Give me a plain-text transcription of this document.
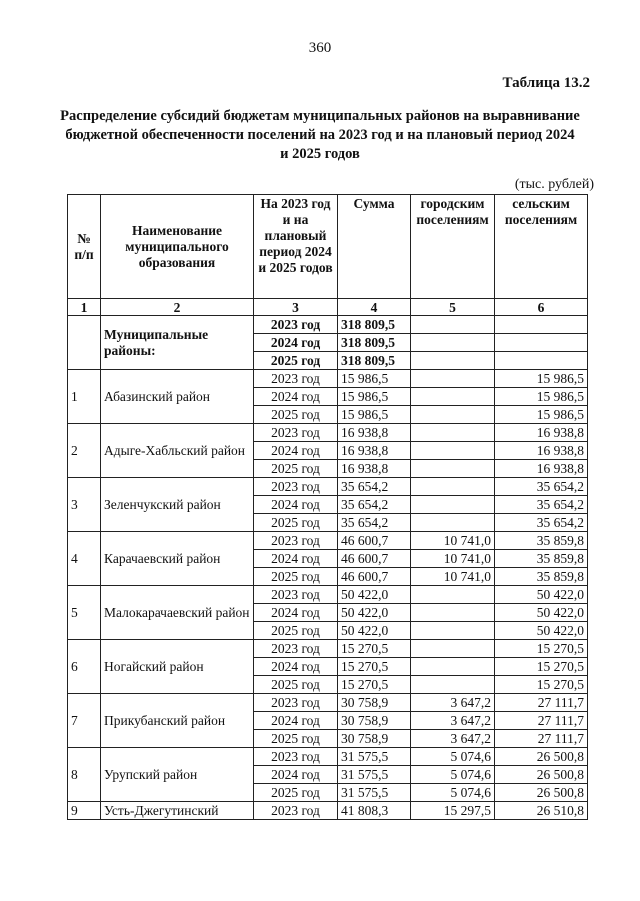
360
Таблица 13.2
Распределение субсидий бюджетам муниципальных районов на выравнивание бюджетной обеспеченности поселений на 2023 год и на плановый период 2024 и 2025 годов
(тыс. рублей)
№ п/п	Наименование муниципального образования	На 2023 год и на плановый период 2024 и 2025 годов	Сумма	городским поселениям	сельским поселениям
1	2	3	4	5	6
	Муниципальные районы:	2023 год	318 809,5		
		2024 год	318 809,5		
		2025 год	318 809,5		
1	Абазинский район	2023 год	15 986,5		15 986,5
		2024 год	15 986,5		15 986,5
		2025 год	15 986,5		15 986,5
2	Адыге-Хабльский район	2023 год	16 938,8		16 938,8
		2024 год	16 938,8		16 938,8
		2025 год	16 938,8		16 938,8
3	Зеленчукский район	2023 год	35 654,2		35 654,2
		2024 год	35 654,2		35 654,2
		2025 год	35 654,2		35 654,2
4	Карачаевский район	2023 год	46 600,7	10 741,0	35 859,8
		2024 год	46 600,7	10 741,0	35 859,8
		2025 год	46 600,7	10 741,0	35 859,8
5	Малокарачаевский район	2023 год	50 422,0		50 422,0
		2024 год	50 422,0		50 422,0
		2025 год	50 422,0		50 422,0
6	Ногайский район	2023 год	15 270,5		15 270,5
		2024 год	15 270,5		15 270,5
		2025 год	15 270,5		15 270,5
7	Прикубанский район	2023 год	30 758,9	3 647,2	27 111,7
		2024 год	30 758,9	3 647,2	27 111,7
		2025 год	30 758,9	3 647,2	27 111,7
8	Урупский район	2023 год	31 575,5	5 074,6	26 500,8
		2024 год	31 575,5	5 074,6	26 500,8
		2025 год	31 575,5	5 074,6	26 500,8
9	Усть-Джегутинский	2023 год	41 808,3	15 297,5	26 510,8
